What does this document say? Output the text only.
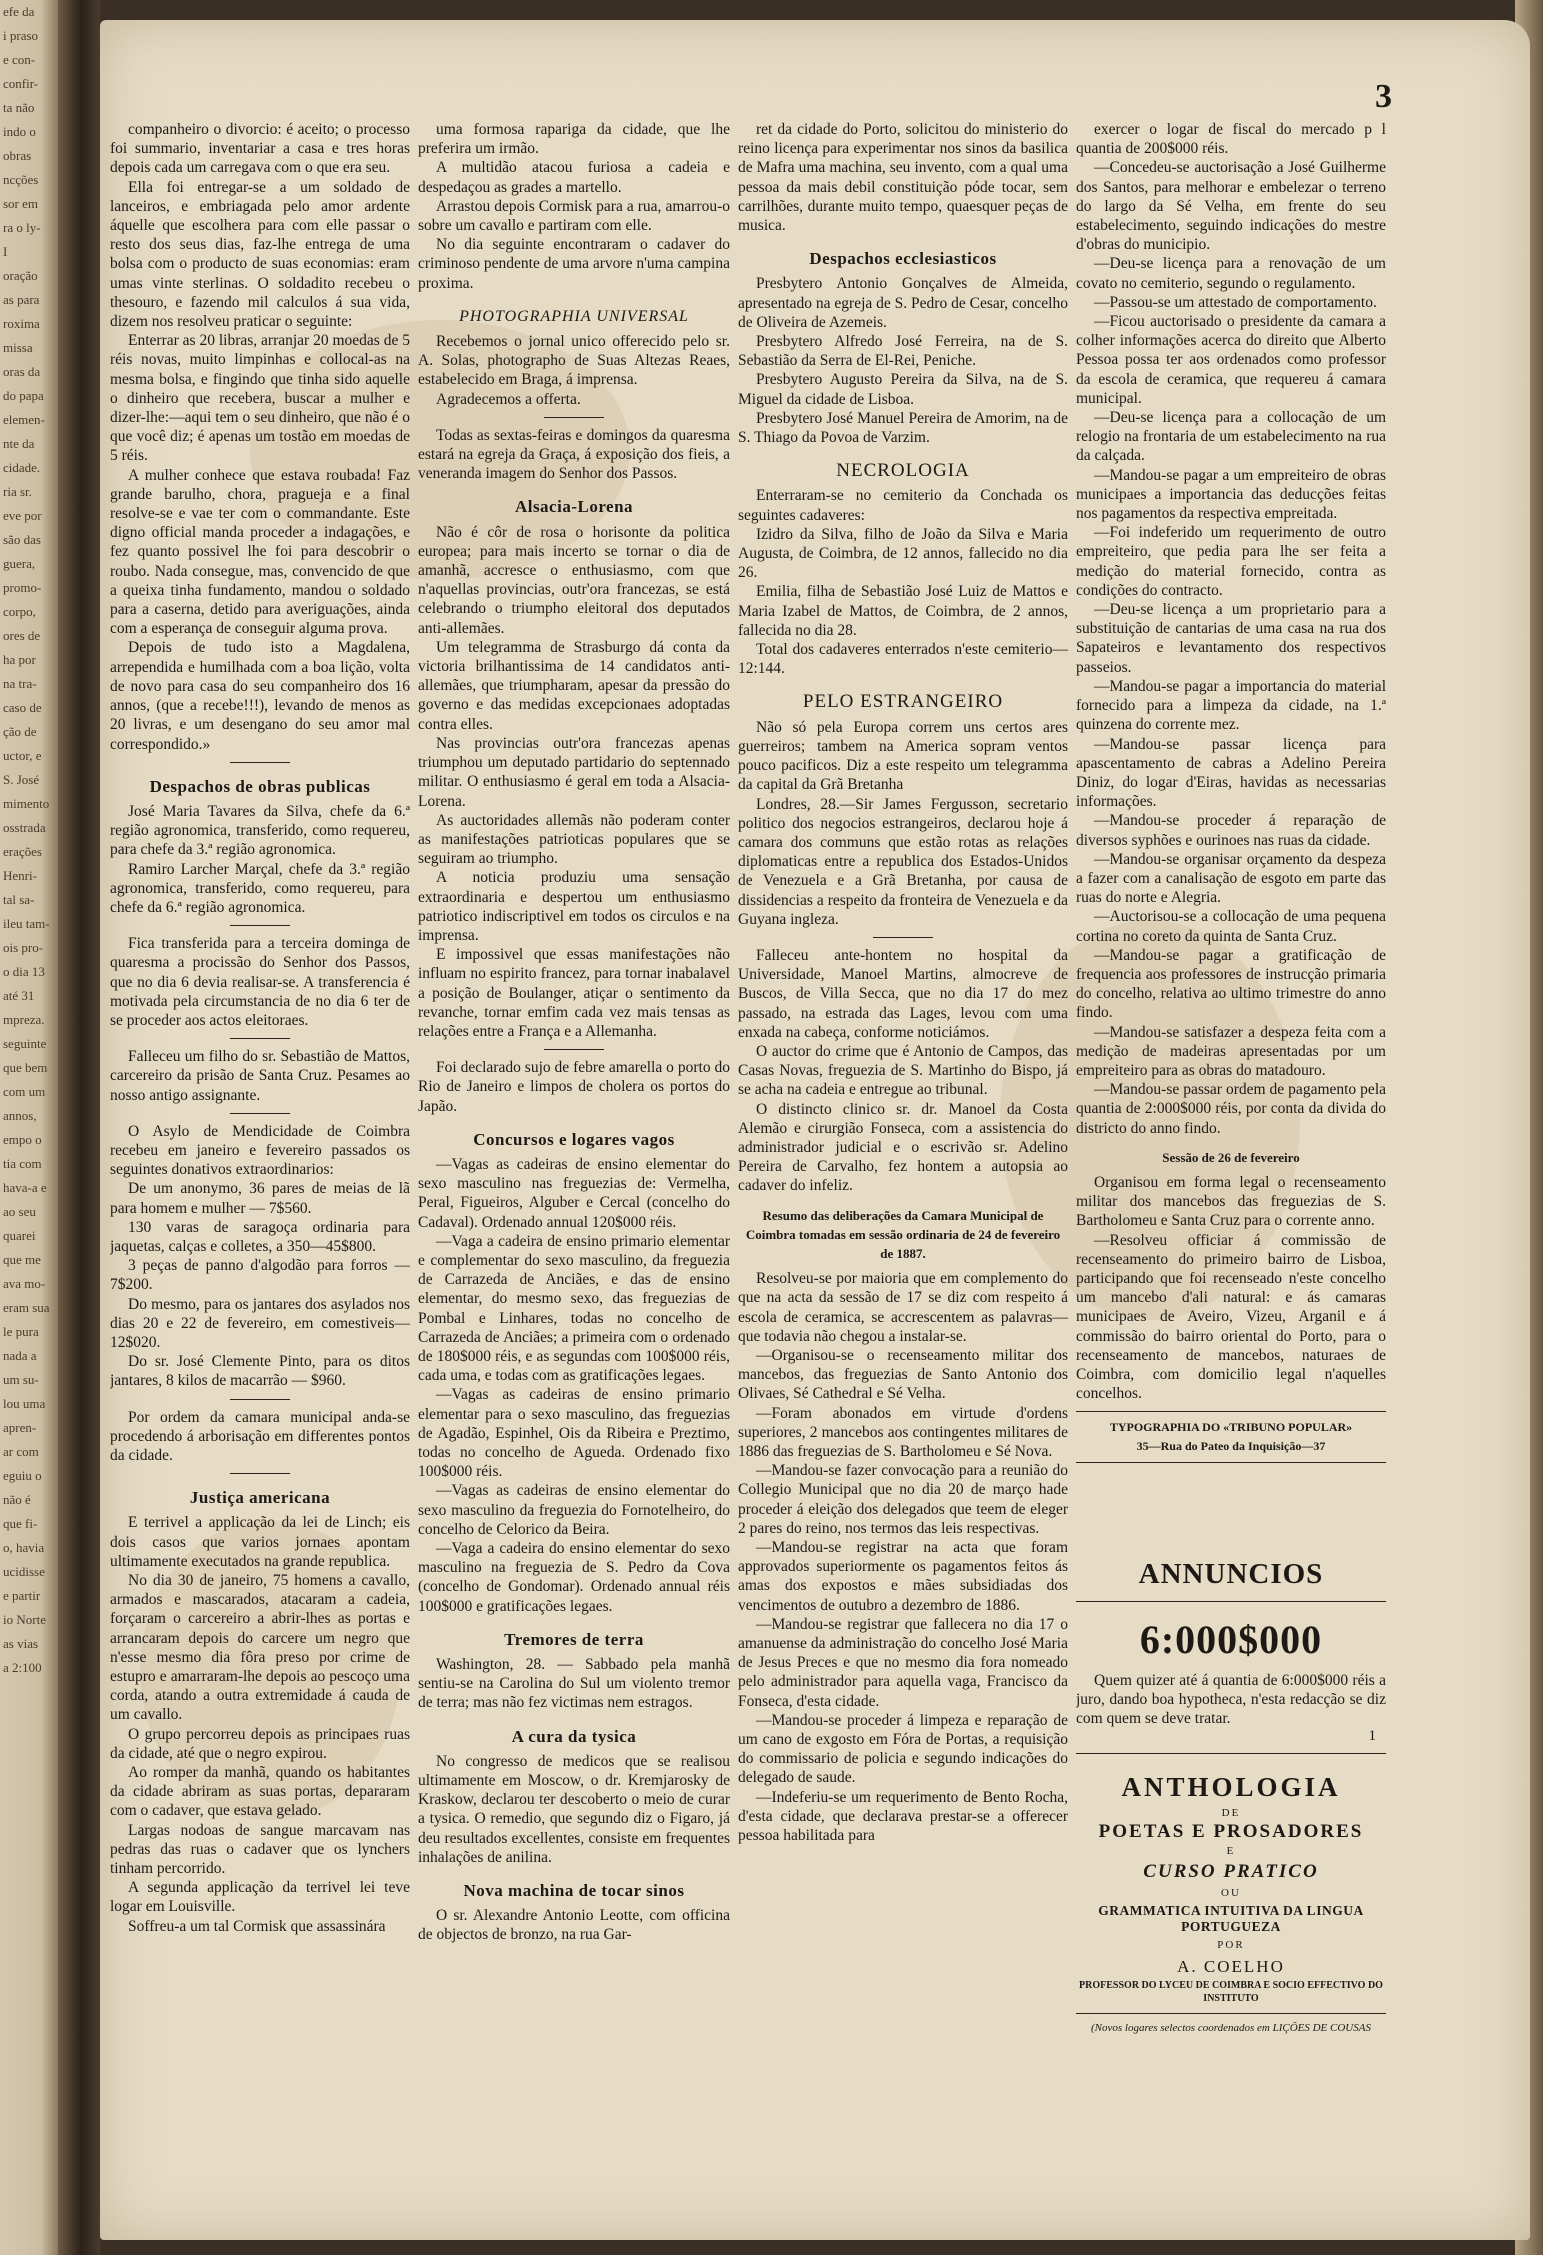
efe da
i praso
e con-
confir-
ta não
indo o
obras
ncções
sor em
ra o ly-
I
oração
as para
roxima
missa
oras da
do papa
elemen-
nte da
cidade.
ria sr.
eve por
são das
guera,
promo-
corpo,
ores de
ha por
na tra-
caso de
ção de
uctor, e
S. José
mimento
osstrada
erações
Henri-
tal sa-
ileu tam-
ois pro-
o dia 13
até 31
mpreza.
seguinte
que bem
com um
annos,
empo o
tia com
hava-a e
ao seu
quarei
que me
ava mo-
eram sua
le pura
nada a
um su-
lou uma
apren-
ar com
eguiu o
não é
que fi-
o, havia
ucidisse
e partir
io Norte
as vias
a 2:100
3

companheiro o divorcio: é aceito; o processo foi summario, inventariar a casa e tres horas depois cada um carregava com o que era seu.

Ella foi entregar-se a um soldado de lanceiros, e embriagada pelo amor ardente áquelle que escolhera para com elle passar o resto dos seus dias, faz-lhe entrega de uma bolsa com o producto de suas economias: eram umas vinte sterlinas. O soldadito recebeu o thesouro, e fazendo mil calculos á sua vida, dizem nos resolveu praticar o seguinte:

Enterrar as 20 libras, arranjar 20 moedas de 5 réis novas, muito limpinhas e collocal-as na mesma bolsa, e fingindo que tinha sido aquelle o dinheiro que recebera, buscar a mulher e dizer-lhe:—aqui tem o seu dinheiro, que não é o que você diz; é apenas um tostão em moedas de 5 réis.

A mulher conhece que estava roubada! Faz grande barulho, chora, pragueja e a final resolve-se e vae ter com o commandante. Este digno official manda proceder a indagações, e fez quanto possivel lhe foi para descobrir o roubo. Nada consegue, mas, convencido de que a queixa tinha fundamento, mandou o soldado para a caserna, detido para averiguações, ainda com a esperança de conseguir alguma prova.

Depois de tudo isto a Magdalena, arrependida e humilhada com a boa lição, volta de novo para casa do seu companheiro dos 16 annos, (que a recebe!!!), levando de menos as 20 livras, e um desengano do seu amor mal correspondido.»

Despachos de obras publicas

José Maria Tavares da Silva, chefe da 6.ª região agronomica, transferido, como requereu, para chefe da 3.ª região agronomica.

Ramiro Larcher Marçal, chefe da 3.ª região agronomica, transferido, como requereu, para chefe da 6.ª região agronomica.

Fica transferida para a terceira dominga de quaresma a procissão do Senhor dos Passos, que no dia 6 devia realisar-se. A transferencia é motivada pela circumstancia de no dia 6 ter de se proceder aos actos eleitoraes.

Falleceu um filho do sr. Sebastião de Mattos, carcereiro da prisão de Santa Cruz. Pesames ao nosso antigo assignante.

O Asylo de Mendicidade de Coimbra recebeu em janeiro e fevereiro passados os seguintes donativos extraordinarios:

De um anonymo, 36 pares de meias de lã para homem e mulher — 7$560.

130 varas de saragoça ordinaria para jaquetas, calças e colletes, a 350—45$800.

3 peças de panno d'algodão para forros —7$200.

Do mesmo, para os jantares dos asylados nos dias 20 e 22 de fevereiro, em comestiveis—12$020.

Do sr. José Clemente Pinto, para os ditos jantares, 8 kilos de macarrão — $960.

Por ordem da camara municipal anda-se procedendo á arborisação em differentes pontos da cidade.

Justiça americana

E terrivel a applicação da lei de Linch; eis dois casos que varios jornaes apontam ultimamente executados na grande republica.

No dia 30 de janeiro, 75 homens a cavallo, armados e mascarados, atacaram a cadeia, forçaram o carcereiro a abrir-lhes as portas e arrancaram depois do carcere um negro que n'esse mesmo dia fôra preso por crime de estupro e amarraram-lhe depois ao pescoço uma corda, atando a outra extremidade á cauda de um cavallo.

O grupo percorreu depois as principaes ruas da cidade, até que o negro expirou.

Ao romper da manhã, quando os habitantes da cidade abriram as suas portas, depararam com o cadaver, que estava gelado.

Largas nodoas de sangue marcavam nas pedras das ruas o cadaver que os lynchers tinham percorrido.

A segunda applicação da terrivel lei teve logar em Louisville.

Soffreu-a um tal Cormisk que assassinára

uma formosa rapariga da cidade, que lhe preferira um irmão.

A multidão atacou furiosa a cadeia e despedaçou as grades a martello.

Arrastou depois Cormisk para a rua, amarrou-o sobre um cavallo e partiram com elle.

No dia seguinte encontraram o cadaver do criminoso pendente de uma arvore n'uma campina proxima.

PHOTOGRAPHIA UNIVERSAL

Recebemos o jornal unico offerecido pelo sr. A. Solas, photographo de Suas Altezas Reaes, estabelecido em Braga, á imprensa.

Agradecemos a offerta.

Todas as sextas-feiras e domingos da quaresma estará na egreja da Graça, á exposição dos fieis, a veneranda imagem do Senhor dos Passos.

Alsacia-Lorena

Não é côr de rosa o horisonte da politica europea; para mais incerto se tornar o dia de amanhã, accresce o enthusiasmo, com que n'aquellas provincias, outr'ora francezas, se está celebrando o triumpho eleitoral dos deputados anti-allemães.

Um telegramma de Strasburgo dá conta da victoria brilhantissima de 14 candidatos anti-allemães, que triumpharam, apesar da pressão do governo e das medidas excepcionaes adoptadas contra elles.

Nas provincias outr'ora francezas apenas triumphou um deputado partidario do septennado militar. O enthusiasmo é geral em toda a Alsacia-Lorena.

As auctoridades allemãs não poderam conter as manifestações patrioticas populares que se seguiram ao triumpho.

A noticia produziu uma sensação extraordinaria e despertou um enthusiasmo patriotico indiscriptivel em todos os circulos e na imprensa.

E impossivel que essas manifestações não influam no espirito francez, para tornar inabalavel a posição de Boulanger, atiçar o sentimento da revanche, tornar emfim cada vez mais tensas as relações entre a França e a Allemanha.

Foi declarado sujo de febre amarella o porto do Rio de Janeiro e limpos de cholera os portos do Japão.

Concursos e logares vagos

—Vagas as cadeiras de ensino elementar do sexo masculino nas freguezias de: Vermelha, Peral, Figueiros, Alguber e Cercal (concelho do Cadaval). Ordenado annual 120$000 réis.

—Vaga a cadeira de ensino primario elementar e complementar do sexo masculino, da freguezia de Carrazeda de Anciães, e das de ensino elementar, do mesmo sexo, das freguezias de Pombal e Linhares, todas no concelho de Carrazeda de Anciães; a primeira com o ordenado de 180$000 réis, e as segundas com 100$000 réis, cada uma, e todas com as gratificações legaes.

—Vagas as cadeiras de ensino primario elementar para o sexo masculino, das freguezias de Agadão, Espinhel, Ois da Ribeira e Preztimo, todas no concelho de Agueda. Ordenado fixo 100$000 réis.

—Vagas as cadeiras de ensino elementar do sexo masculino da freguezia do Fornotelheiro, do concelho de Celorico da Beira.

—Vaga a cadeira do ensino elementar do sexo masculino na freguezia de S. Pedro da Cova (concelho de Gondomar). Ordenado annual réis 100$000 e gratificações legaes.

Tremores de terra

Washington, 28. — Sabbado pela manhã sentiu-se na Carolina do Sul um violento tremor de terra; mas não fez victimas nem estragos.

A cura da tysica

No congresso de medicos que se realisou ultimamente em Moscow, o dr. Kremjarosky de Kraskow, declarou ter descoberto o meio de curar a tysica. O remedio, que segundo diz o Figaro, já deu resultados excellentes, consiste em frequentes inhalações de anilina.

Nova machina de tocar sinos

O sr. Alexandre Antonio Leotte, com officina de objectos de bronzo, na rua Gar-

ret da cidade do Porto, solicitou do ministerio do reino licença para experimentar nos sinos da basilica de Mafra uma machina, seu invento, com a qual uma pessoa da mais debil constituição póde tocar, sem carrilhões, durante muito tempo, quaesquer peças de musica.

Despachos ecclesiasticos

Presbytero Antonio Gonçalves de Almeida, apresentado na egreja de S. Pedro de Cesar, concelho de Oliveira de Azemeis.

Presbytero Alfredo José Ferreira, na de S. Sebastião da Serra de El-Rei, Peniche.

Presbytero Augusto Pereira da Silva, na de S. Miguel da cidade de Lisboa.

Presbytero José Manuel Pereira de Amorim, na de S. Thiago da Povoa de Varzim.

NECROLOGIA

Enterraram-se no cemiterio da Conchada os seguintes cadaveres:

Izidro da Silva, filho de João da Silva e Maria Augusta, de Coimbra, de 12 annos, fallecido no dia 26.

Emilia, filha de Sebastião José Luiz de Mattos e Maria Izabel de Mattos, de Coimbra, de 2 annos, fallecida no dia 28.

Total dos cadaveres enterrados n'este cemiterio—12:144.

PELO ESTRANGEIRO

Não só pela Europa correm uns certos ares guerreiros; tambem na America sopram ventos pouco pacificos. Diz a este respeito um telegramma da capital da Grã Bretanha

Londres, 28.—Sir James Fergusson, secretario politico dos negocios estrangeiros, declarou hoje á camara dos communs que estão rotas as relações diplomaticas entre a republica dos Estados-Unidos de Venezuela e a Grã Bretanha, por causa de dissidencias a respeito da fronteira de Venezuela e da Guyana ingleza.

Falleceu ante-hontem no hospital da Universidade, Manoel Martins, almocreve de Buscos, de Villa Secca, que no dia 17 do mez passado, na estrada das Lages, levou com uma enxada na cabeça, conforme noticiámos.

O auctor do crime que é Antonio de Campos, das Casas Novas, freguezia de S. Martinho do Bispo, já se acha na cadeia e entregue ao tribunal.

O distincto clinico sr. dr. Manoel da Costa Alemão e cirurgião Fonseca, com a assistencia do administrador judicial e o escrivão sr. Adelino Pereira de Carvalho, fez hontem a autopsia ao cadaver do infeliz.

Resumo das deliberações da Camara Municipal de Coimbra tomadas em sessão ordinaria de 24 de fevereiro de 1887.

Resolveu-se por maioria que em complemento do que na acta da sessão de 17 se diz com respeito á escola de ceramica, se accrescentem as palavras—que todavia não chegou a instalar-se.

—Organisou-se o recenseamento militar dos mancebos, das freguezias de Santo Antonio dos Olivaes, Sé Cathedral e Sé Velha.

—Foram abonados em virtude d'ordens superiores, 2 mancebos aos contingentes militares de 1886 das freguezias de S. Bartholomeu e Sé Nova.

—Mandou-se fazer convocação para a reunião do Collegio Municipal que no dia 20 de março hade proceder á eleição dos delegados que teem de eleger 2 pares do reino, nos termos das leis respectivas.

—Mandou-se registrar na acta que foram approvados superiormente os pagamentos feitos ás amas dos expostos e mães subsidiadas dos vencimentos de outubro a dezembro de 1886.

—Mandou-se registrar que fallecera no dia 17 o amanuense da administração do concelho José Maria de Jesus Preces e que no mesmo dia fora nomeado pelo administrador para aquella vaga, Francisco da Fonseca, d'esta cidade.

—Mandou-se proceder á limpeza e reparação de um cano de exgosto em Fóra de Portas, a requisição do commissario de policia e segundo indicações do delegado de saude.

—Indeferiu-se um requerimento de Bento Rocha, d'esta cidade, que declarava prestar-se a offerecer pessoa habilitada para

exercer o logar de fiscal do mercado p l quantia de 200$000 réis.

—Concedeu-se auctorisação a José Guilherme dos Santos, para melhorar e embelezar o terreno do largo da Sé Velha, em frente do seu estabelecimento, seguindo indicações do mestre d'obras do municipio.

—Deu-se licença para a renovação de um covato no cemiterio, segundo o regulamento.

—Passou-se um attestado de comportamento.

—Ficou auctorisado o presidente da camara a colher informações acerca do direito que Alberto Pessoa possa ter aos ordenados como professor da escola de ceramica, que requereu á camara municipal.

—Deu-se licença para a collocação de um relogio na frontaria de um estabelecimento na rua da calçada.

—Mandou-se pagar a um empreiteiro de obras municipaes a importancia das deducções feitas nos pagamentos da respectiva empreitada.

—Foi indeferido um requerimento de outro empreiteiro, que pedia para lhe ser feita a medição do material fornecido, contra as condições do contracto.

—Deu-se licença a um proprietario para a substituição de cantarias de uma casa na rua dos Sapateiros e levantamento dos respectivos passeios.

—Mandou-se pagar a importancia do material fornecido para a limpeza da cidade, na 1.ª quinzena do corrente mez.

—Mandou-se passar licença para apascentamento de cabras a Adelino Pereira Diniz, do logar d'Eiras, havidas as necessarias informações.

—Mandou-se proceder á reparação de diversos syphões e ourinoes nas ruas da cidade.

—Mandou-se organisar orçamento da despeza a fazer com a canalisação de esgoto em parte das ruas do norte e Alegria.

—Auctorisou-se a collocação de uma pequena cortina no coreto da quinta de Santa Cruz.

—Mandou-se pagar a gratificação de frequencia aos professores de instrucção primaria do concelho, relativa ao ultimo trimestre do anno findo.

—Mandou-se satisfazer a despeza feita com a medição de madeiras apresentadas por um empreiteiro para as obras do matadouro.

—Mandou-se passar ordem de pagamento pela quantia de 2:000$000 réis, por conta da divida do districto do anno findo.

Sessão de 26 de fevereiro

Organisou em forma legal o recenseamento militar dos mancebos das freguezias de S. Bartholomeu e Santa Cruz para o corrente anno.

—Resolveu officiar á commissão de recenseamento do primeiro bairro de Lisboa, participando que foi recenseado n'este concelho um mancebo d'ali natural: e ás camaras municipaes de Aveiro, Vizeu, Arganil e á commissão do bairro oriental do Porto, para o recenseamento de mancebos, naturaes de Coimbra, com domicilio legal n'aquelles concelhos.

TYPOGRAPHIA DO «TRIBUNO POPULAR»
35—Rua do Pateo da Inquisição—37
ANNUNCIOS
6:000$000

Quem quizer até á quantia de 6:000$000 réis a juro, dando boa hypotheca, n'esta redacção se diz com quem se deve tratar.

1

ANTHOLOGIA
DE
POETAS E PROSADORES
E
CURSO PRATICO
OU
GRAMMATICA INTUITIVA DA LINGUA PORTUGUEZA
POR
A. COELHO
PROFESSOR DO LYCEU DE COIMBRA E SOCIO EFFECTIVO DO INSTITUTO
(Novos logares selectos coordenados em LIÇÕES DE COUSAS
